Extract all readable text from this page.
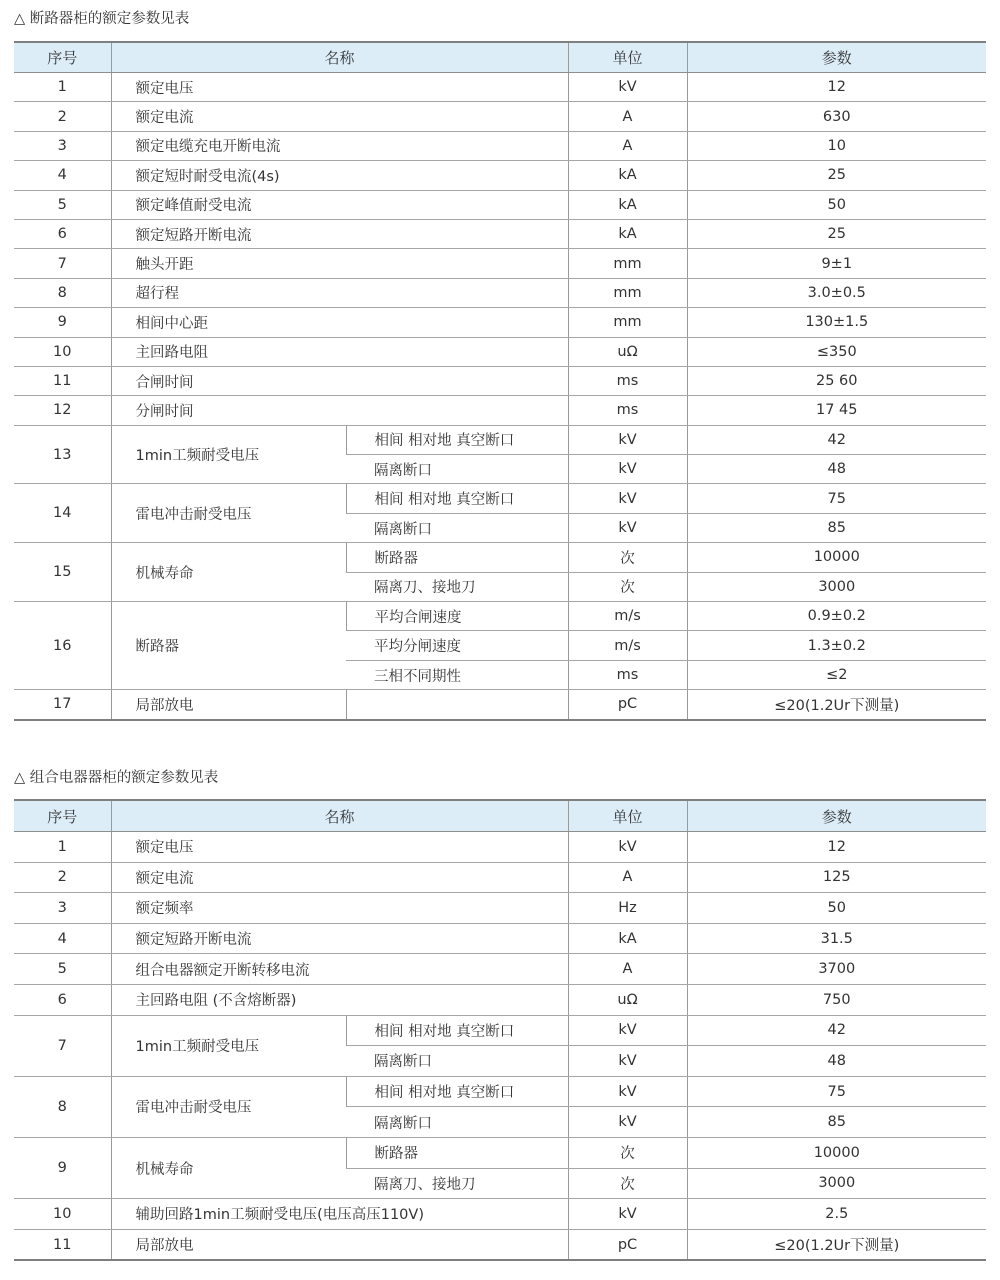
△ 断路器柜的额定参数见表
序号	名称		单位	参数
1	额定电压		kV	12
2	额定电流		A	630
3	额定电缆充电开断电流		A	10
4	额定短时耐受电流(4s)		kA	25
5	额定峰值耐受电流		kA	50
6	额定短路开断电流		kA	25
7	触头开距		mm	9±1
8	超行程		mm	3.0±0.5
9	相间中心距		mm	130±1.5
10	主回路电阻		uΩ	≤350
11	合闸时间		ms	25 60
12	分闸时间		ms	17 45
13	1min工频耐受电压	相间 相对地 真空断口	kV	42
		隔离断口	kV	48
14	雷电冲击耐受电压	相间 相对地 真空断口	kV	75
		隔离断口	kV	85
15	机械寿命	断路器	次	10000
		隔离刀、接地刀	次	3000
16	断路器	平均合闸速度	m/s	0.9±0.2
		平均分闸速度	m/s	1.3±0.2
		三相不同期性	ms	≤2
17	局部放电		pC	≤20(1.2Ur下测量)
△ 组合电器器柜的额定参数见表
序号	名称		单位	参数
1	额定电压		kV	12
2	额定电流		A	125
3	额定频率		Hz	50
4	额定短路开断电流		kA	31.5
5	组合电器额定开断转移电流		A	3700
6	主回路电阻 (不含熔断器)		uΩ	750
7	1min工频耐受电压	相间 相对地 真空断口	kV	42
		隔离断口	kV	48
8	雷电冲击耐受电压	相间 相对地 真空断口	kV	75
		隔离断口	kV	85
9	机械寿命	断路器	次	10000
		隔离刀、接地刀	次	3000
10	辅助回路1min工频耐受电压(电压高压110V)		kV	2.5
11	局部放电		pC	≤20(1.2Ur下测量)
